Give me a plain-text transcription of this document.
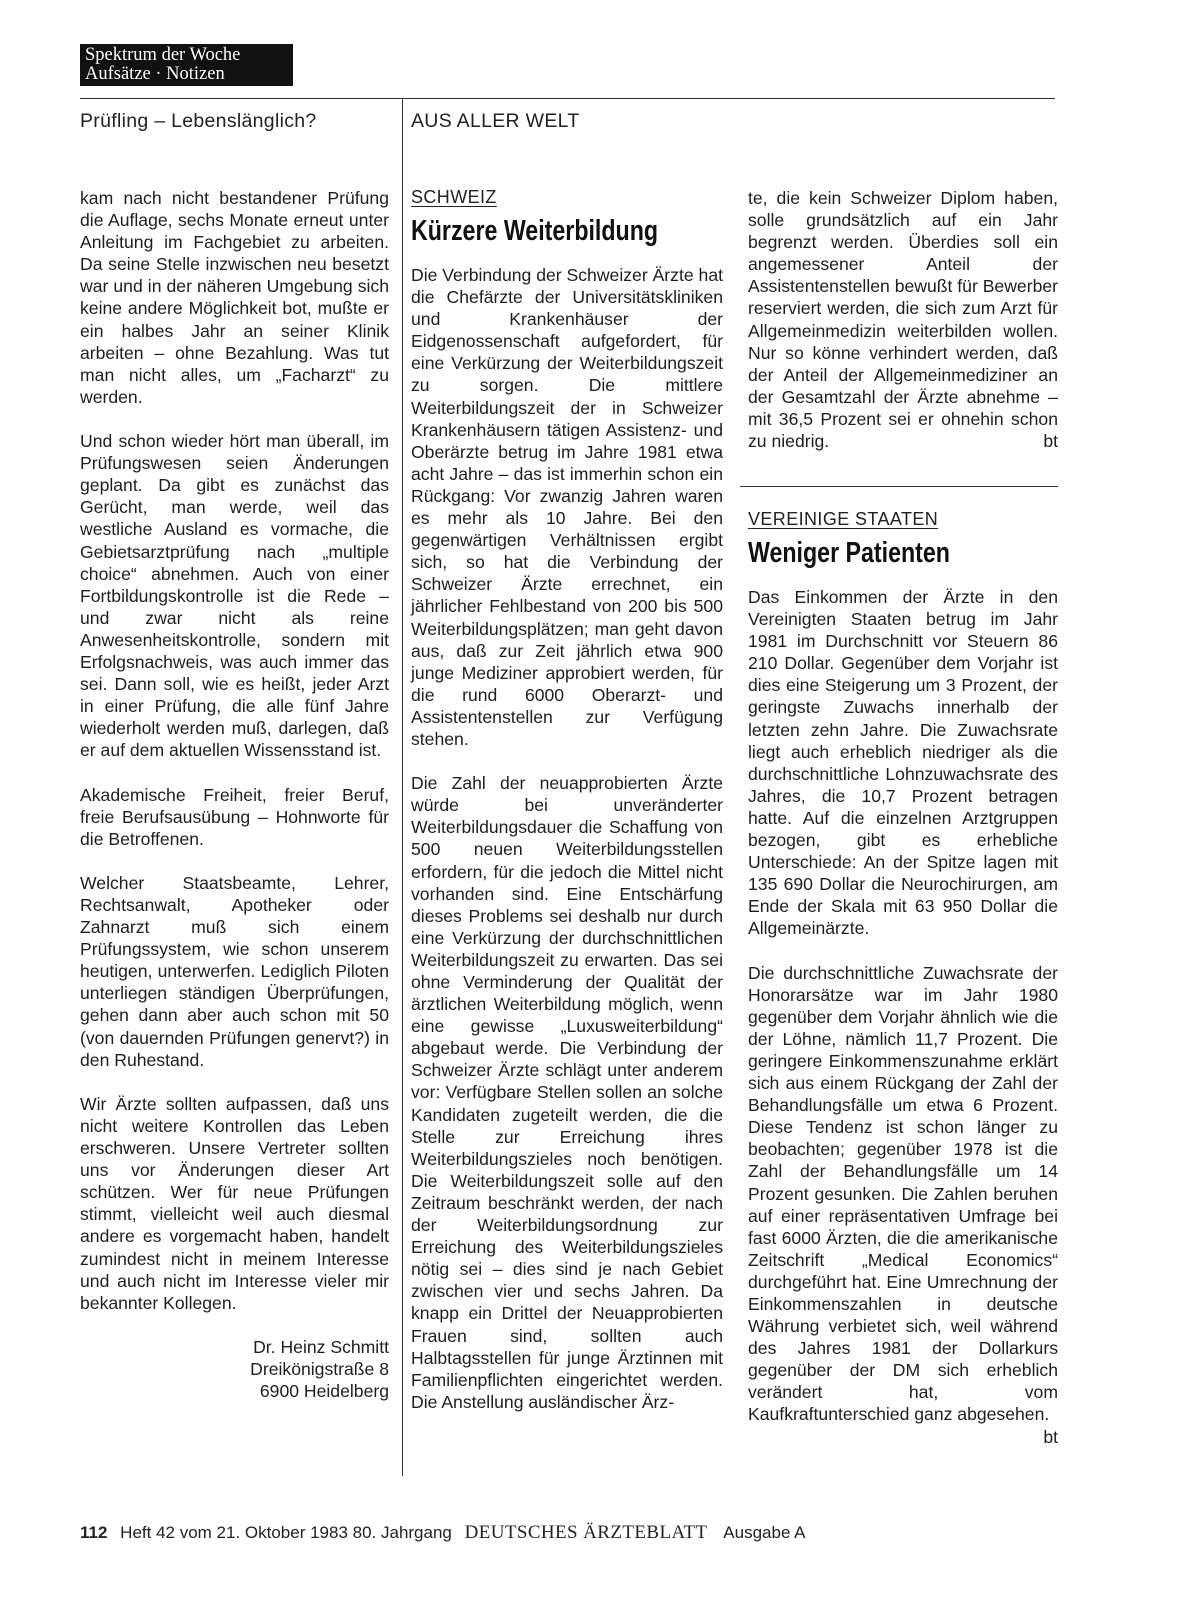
Spektrum der Woche
Aufsätze · Notizen
Prüfling – Lebenslänglich?	AUS ALLER WELT

kam nach nicht bestandener Prüfung die Auflage, sechs Monate erneut unter Anleitung im Fachgebiet zu arbeiten. Da seine Stelle inzwischen neu besetzt war und in der näheren Umgebung sich keine andere Möglichkeit bot, mußte er ein halbes Jahr an seiner Klinik arbeiten – ohne Bezahlung. Was tut man nicht alles, um „Facharzt“ zu werden.

Und schon wieder hört man überall, im Prüfungswesen seien Änderungen geplant. Da gibt es zunächst das Gerücht, man werde, weil das westliche Ausland es vormache, die Gebietsarztprüfung nach „multiple choice“ abnehmen. Auch von einer Fortbildungskontrolle ist die Rede – und zwar nicht als reine Anwesenheitskontrolle, sondern mit Erfolgsnachweis, was auch immer das sei. Dann soll, wie es heißt, jeder Arzt in einer Prüfung, die alle fünf Jahre wiederholt werden muß, darlegen, daß er auf dem aktuellen Wissensstand ist.

Akademische Freiheit, freier Beruf, freie Berufsausübung – Hohnworte für die Betroffenen.

Welcher Staatsbeamte, Lehrer, Rechtsanwalt, Apotheker oder Zahnarzt muß sich einem Prüfungssystem, wie schon unserem heutigen, unterwerfen. Lediglich Piloten unterliegen ständigen Überprüfungen, gehen dann aber auch schon mit 50 (von dauernden Prüfungen genervt?) in den Ruhestand.

Wir Ärzte sollten aufpassen, daß uns nicht weitere Kontrollen das Leben erschweren. Unsere Vertreter sollten uns vor Änderungen dieser Art schützen. Wer für neue Prüfungen stimmt, vielleicht weil auch diesmal andere es vorgemacht haben, handelt zumindest nicht in meinem Interesse und auch nicht im Interesse vieler mir bekannter Kollegen.

Dr. Heinz Schmitt
Dreikönigstraße 8
6900 Heidelberg
SCHWEIZ
Kürzere Weiterbildung

Die Verbindung der Schweizer Ärzte hat die Chefärzte der Universitätskliniken und Krankenhäuser der Eidgenossenschaft aufgefordert, für eine Verkürzung der Weiterbildungszeit zu sorgen. Die mittlere Weiterbildungszeit der in Schweizer Krankenhäusern tätigen Assistenz- und Oberärzte betrug im Jahre 1981 etwa acht Jahre – das ist immerhin schon ein Rückgang: Vor zwanzig Jahren waren es mehr als 10 Jahre. Bei den gegenwärtigen Verhältnissen ergibt sich, so hat die Verbindung der Schweizer Ärzte errechnet, ein jährlicher Fehlbestand von 200 bis 500 Weiterbildungsplätzen; man geht davon aus, daß zur Zeit jährlich etwa 900 junge Mediziner approbiert werden, für die rund 6000 Oberarzt- und Assistentenstellen zur Verfügung stehen.

Die Zahl der neuapprobierten Ärzte würde bei unveränderter Weiterbildungsdauer die Schaffung von 500 neuen Weiterbildungsstellen erfordern, für die jedoch die Mittel nicht vorhanden sind. Eine Entschärfung dieses Problems sei deshalb nur durch eine Verkürzung der durchschnittlichen Weiterbildungszeit zu erwarten. Das sei ohne Verminderung der Qualität der ärztlichen Weiterbildung möglich, wenn eine gewisse „Luxusweiterbildung“ abgebaut werde. Die Verbindung der Schweizer Ärzte schlägt unter anderem vor: Verfügbare Stellen sollen an solche Kandidaten zugeteilt werden, die die Stelle zur Erreichung ihres Weiterbildungszieles noch benötigen. Die Weiterbildungszeit solle auf den Zeitraum beschränkt werden, der nach der Weiterbildungsordnung zur Erreichung des Weiterbildungszieles nötig sei – dies sind je nach Gebiet zwischen vier und sechs Jahren. Da knapp ein Drittel der Neuapprobierten Frauen sind, sollten auch Halbtagsstellen für junge Ärztinnen mit Familienpflichten eingerichtet werden. Die Anstellung ausländischer Ärz-

te, die kein Schweizer Diplom haben, solle grundsätzlich auf ein Jahr begrenzt werden. Überdies soll ein angemessener Anteil der Assistentenstellen bewußt für Bewerber reserviert werden, die sich zum Arzt für Allgemeinmedizin weiterbilden wollen. Nur so könne verhindert werden, daß der Anteil der Allgemeinmediziner an der Gesamtzahl der Ärzte abnehme – mit 36,5 Prozent sei er ohnehin schon zu niedrig.	bt

VEREINIGE STAATEN
Weniger Patienten

Das Einkommen der Ärzte in den Vereinigten Staaten betrug im Jahr 1981 im Durchschnitt vor Steuern 86 210 Dollar. Gegenüber dem Vorjahr ist dies eine Steigerung um 3 Prozent, der geringste Zuwachs innerhalb der letzten zehn Jahre. Die Zuwachsrate liegt auch erheblich niedriger als die durchschnittliche Lohnzuwachsrate des Jahres, die 10,7 Prozent betragen hatte. Auf die einzelnen Arztgruppen bezogen, gibt es erhebliche Unterschiede: An der Spitze lagen mit 135 690 Dollar die Neurochirurgen, am Ende der Skala mit 63 950 Dollar die Allgemeinärzte.

Die durchschnittliche Zuwachsrate der Honorarsätze war im Jahr 1980 gegenüber dem Vorjahr ähnlich wie die der Löhne, nämlich 11,7 Prozent. Die geringere Einkommenszunahme erklärt sich aus einem Rückgang der Zahl der Behandlungsfälle um etwa 6 Prozent. Diese Tendenz ist schon länger zu beobachten; gegenüber 1978 ist die Zahl der Behandlungsfälle um 14 Prozent gesunken. Die Zahlen beruhen auf einer repräsentativen Umfrage bei fast 6000 Ärzten, die die amerikanische Zeitschrift „Medical Economics“ durchgeführt hat. Eine Umrechnung der Einkommenszahlen in deutsche Währung verbietet sich, weil während des Jahres 1981 der Dollarkurs gegenüber der DM sich erheblich verändert hat, vom Kaufkraftunterschied ganz abgesehen.
bt

112 Heft 42 vom 21. Oktober 1983 80. Jahrgang DEUTSCHES ÄRZTEBLATT Ausgabe A
